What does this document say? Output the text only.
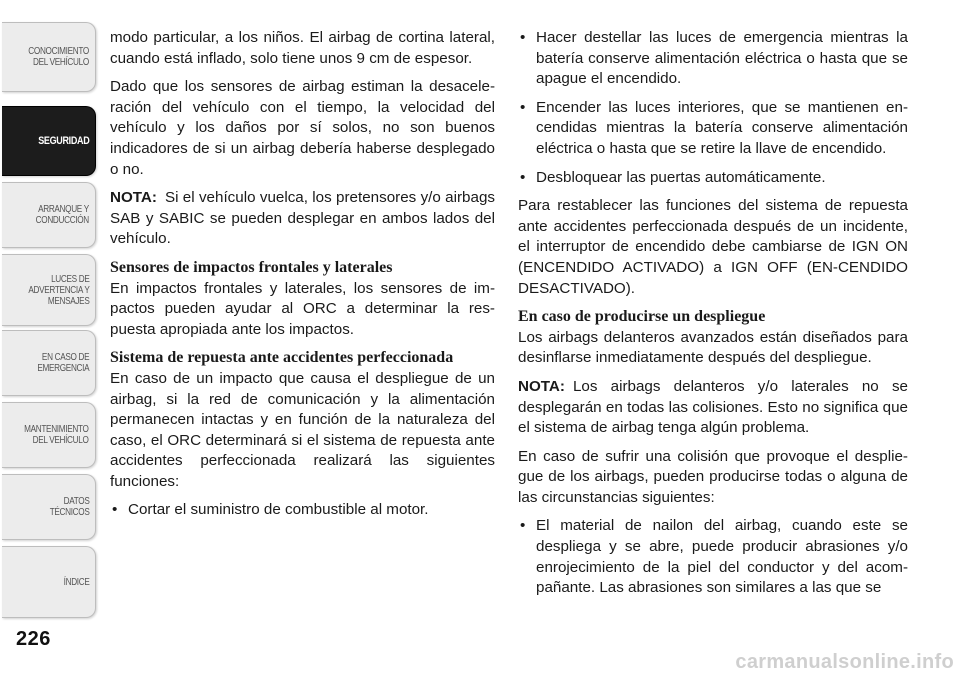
CONOCIMIENTO
DEL VEHÍCULO
SEGURIDAD
ARRANQUE Y
CONDUCCIÓN
LUCES DE
ADVERTENCIA Y
MENSAJES
EN CASO DE
EMERGENCIA
MANTENIMIENTO
DEL VEHÍCULO
DATOS
TÉCNICOS
ÍNDICE
226

modo particular, a los niños. El airbag de cortina lateral, cuando está inflado, solo tiene unos 9 cm de espesor.

Dado que los sensores de airbag estiman la desacele-ración del vehículo con el tiempo, la velocidad del vehículo y los daños por sí solos, no son buenos indicadores de si un airbag debería haberse desplegado o no.

NOTA: Si el vehículo vuelca, los pretensores y/o airbags SAB y SABIC se pueden desplegar en ambos lados del vehículo.

Sensores de impactos frontales y laterales

En impactos frontales y laterales, los sensores de im-pactos pueden ayudar al ORC a determinar la res-puesta apropiada ante los impactos.

Sistema de repuesta ante accidentes perfeccionada

En caso de un impacto que causa el despliegue de un airbag, si la red de comunicación y la alimentación permanecen intactas y en función de la naturaleza del caso, el ORC determinará si el sistema de repuesta ante accidentes perfeccionada realizará las siguientes funciones:

• Cortar el suministro de combustible al motor.
• Hacer destellar las luces de emergencia mientras la batería conserve alimentación eléctrica o hasta que se apague el encendido.
• Encender las luces interiores, que se mantienen en-cendidas mientras la batería conserve alimentación eléctrica o hasta que se retire la llave de encendido.
• Desbloquear las puertas automáticamente.

Para restablecer las funciones del sistema de repuesta ante accidentes perfeccionada después de un incidente, el interruptor de encendido debe cambiarse de IGN ON (ENCENDIDO ACTIVADO) a IGN OFF (EN-CENDIDO DESACTIVADO).

En caso de producirse un despliegue

Los airbags delanteros avanzados están diseñados para desinflarse inmediatamente después del despliegue.

NOTA: Los airbags delanteros y/o laterales no se desplegarán en todas las colisiones. Esto no significa que el sistema de airbag tenga algún problema.

En caso de sufrir una colisión que provoque el desplie-gue de los airbags, pueden producirse todas o alguna de las circunstancias siguientes:

• El material de nailon del airbag, cuando este se despliega y se abre, puede producir abrasiones y/o enrojecimiento de la piel del conductor y del acom-pañante. Las abrasiones son similares a las que se
carmanualsonline.info
